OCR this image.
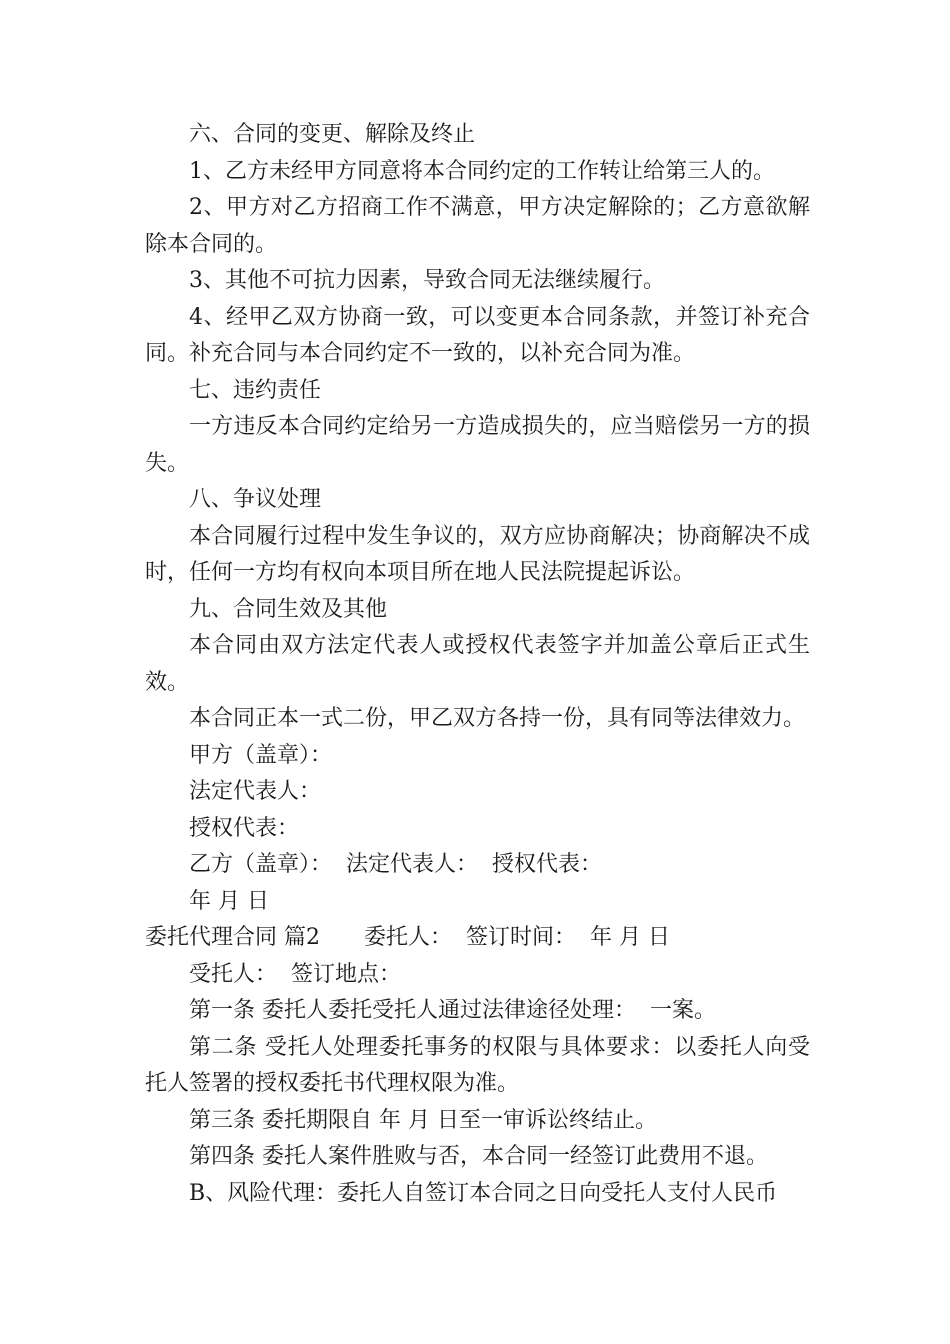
六、合同的变更、解除及终止

1、乙方未经甲方同意将本合同约定的工作转让给第三人的。

2、甲方对乙方招商工作不满意，甲方决定解除的；乙方意欲解除本合同的。

3、其他不可抗力因素，导致合同无法继续履行。

4、经甲乙双方协商一致，可以变更本合同条款，并签订补充合同。补充合同与本合同约定不一致的，以补充合同为准。

七、违约责任

一方违反本合同约定给另一方造成损失的，应当赔偿另一方的损失。

八、争议处理

本合同履行过程中发生争议的，双方应协商解决；协商解决不成时，任何一方均有权向本项目所在地人民法院提起诉讼。

九、合同生效及其他

本合同由双方法定代表人或授权代表签字并加盖公章后正式生效。

本合同正本一式二份，甲乙双方各持一份，具有同等法律效力。

甲方（盖章）：

法定代表人：

授权代表：

乙方（盖章）：  法定代表人：  授权代表：

年 月 日

委托代理合同 篇2 委托人：  签订时间：  年 月 日

受托人：  签订地点：

第一条 委托人委托受托人通过法律途径处理：  一案。

第二条 受托人处理委托事务的权限与具体要求：以委托人向受托人签署的授权委托书代理权限为准。

第三条 委托期限自 年 月 日至一审诉讼终结止。

第四条 委托人案件胜败与否，本合同一经签订此费用不退。

B、风险代理：委托人自签订本合同之日向受托人支付人民币
